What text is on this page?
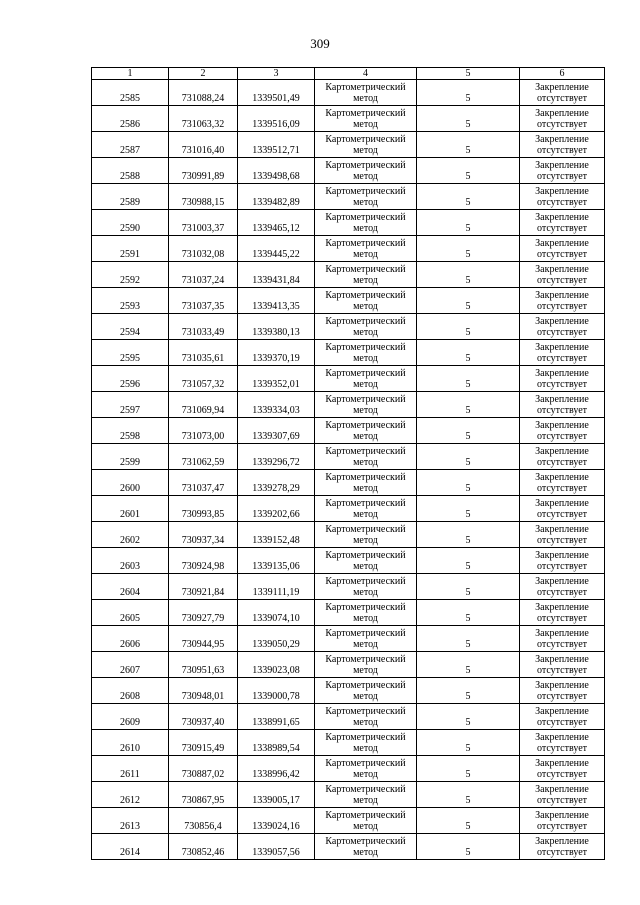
309
1	2	3	4	5	6
2585	731088,24	1339501,49	Картометрический метод	5	Закрепление отсутствует
2586	731063,32	1339516,09	Картометрический метод	5	Закрепление отсутствует
2587	731016,40	1339512,71	Картометрический метод	5	Закрепление отсутствует
2588	730991,89	1339498,68	Картометрический метод	5	Закрепление отсутствует
2589	730988,15	1339482,89	Картометрический метод	5	Закрепление отсутствует
2590	731003,37	1339465,12	Картометрический метод	5	Закрепление отсутствует
2591	731032,08	1339445,22	Картометрический метод	5	Закрепление отсутствует
2592	731037,24	1339431,84	Картометрический метод	5	Закрепление отсутствует
2593	731037,35	1339413,35	Картометрический метод	5	Закрепление отсутствует
2594	731033,49	1339380,13	Картометрический метод	5	Закрепление отсутствует
2595	731035,61	1339370,19	Картометрический метод	5	Закрепление отсутствует
2596	731057,32	1339352,01	Картометрический метод	5	Закрепление отсутствует
2597	731069,94	1339334,03	Картометрический метод	5	Закрепление отсутствует
2598	731073,00	1339307,69	Картометрический метод	5	Закрепление отсутствует
2599	731062,59	1339296,72	Картометрический метод	5	Закрепление отсутствует
2600	731037,47	1339278,29	Картометрический метод	5	Закрепление отсутствует
2601	730993,85	1339202,66	Картометрический метод	5	Закрепление отсутствует
2602	730937,34	1339152,48	Картометрический метод	5	Закрепление отсутствует
2603	730924,98	1339135,06	Картометрический метод	5	Закрепление отсутствует
2604	730921,84	1339111,19	Картометрический метод	5	Закрепление отсутствует
2605	730927,79	1339074,10	Картометрический метод	5	Закрепление отсутствует
2606	730944,95	1339050,29	Картометрический метод	5	Закрепление отсутствует
2607	730951,63	1339023,08	Картометрический метод	5	Закрепление отсутствует
2608	730948,01	1339000,78	Картометрический метод	5	Закрепление отсутствует
2609	730937,40	1338991,65	Картометрический метод	5	Закрепление отсутствует
2610	730915,49	1338989,54	Картометрический метод	5	Закрепление отсутствует
2611	730887,02	1338996,42	Картометрический метод	5	Закрепление отсутствует
2612	730867,95	1339005,17	Картометрический метод	5	Закрепление отсутствует
2613	730856,4	1339024,16	Картометрический метод	5	Закрепление отсутствует
2614	730852,46	1339057,56	Картометрический метод	5	Закрепление отсутствует
